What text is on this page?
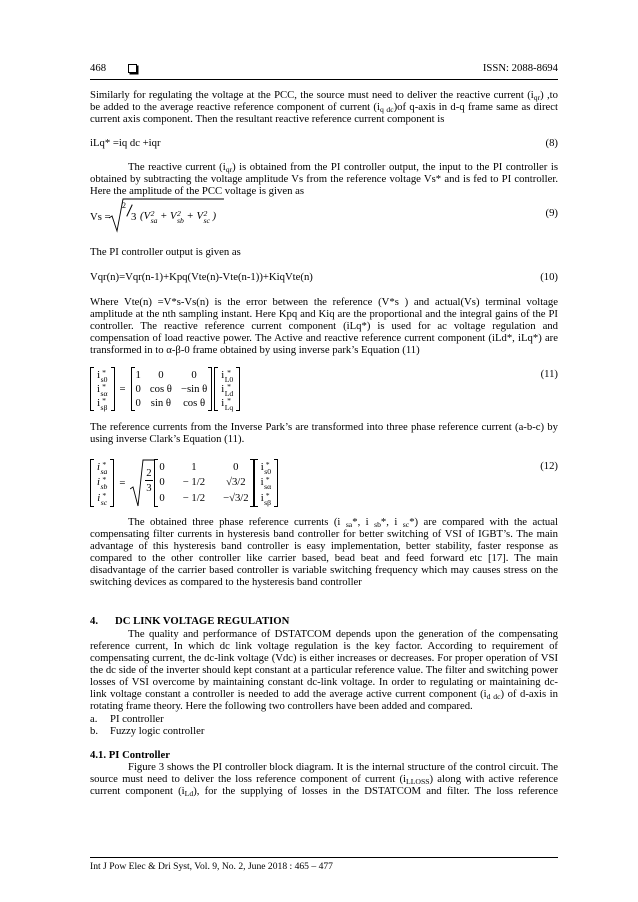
468	ISSN: 2088-8694
Similarly for regulating the voltage at the PCC, the source must need to deliver the reactive current $(i_{qr})$ ,to be added to the average reactive reference component of current $(i_{q dc})of$ q-axis in d-q frame same as direct current axis component. Then the resultant reactive reference current component is
iLq* =iq dc +iqr	(8)
The reactive current $(i_{qr})$ is obtained from the PI controller output, the input to the PI controller is obtained by subtracting the voltage amplitude Vs from the reference voltage Vs* and is fed to PI controller. Here the amplitude of the PCC voltage is given as
Vs =
2
3 (V 2
sa + V 2
sb + V 2
sc )	(9)
The PI controller output is given as
Vqr(n)=Vqr(n-1)+Kpq(Vte(n)-Vte(n-1))+KiqVte(n)	(10)
Where Vte(n) =V*s-Vs(n) is the error between the reference (V*s ) and actual(Vs) terminal voltage amplitude at the nth sampling instant. Here Kpq and Kiq are the proportional and the integral gains of the PI controller. The reactive reference current component (iLq*) is used for ac voltage regulation and compensation of load reactive power. The Active and reactive reference current component (iLd*, iLq*) are transformed in to α-β-0 frame obtained by using inverse park’s Equation (11)
i *
s0
i *
sα
i *
sβ
=
1	0	0
0 cos θ −sin θ
0 sin θ cos θ
i *
L0
i *
Ld
i *
Lq
(11)
The reference currents from the Inverse Park’s are transformed into three phase reference current (a-b-c) by using inverse Clark’s Equation (11).
i *
sa
i *
sb
i *
sc
=
2
3
0	1	0
0 − 1/2 √3/2
0 − 1/2 −√3/2
i *
s0
i *
sα
i *
sβ
(12)
The obtained three phase reference currents (i $_{sa}$*, i $_{sb}$*, i $_{sc}$*) are compared with the actual compensating filter currents in hysteresis band controller for better switching of VSI of IGBT’s. The main advantage of this hysteresis band controller is easy implementation, better stability, faster response as compared to the other controller like carrier based, bead beat and feed forward etc [17]. The main disadvantage of the carrier based controller is variable switching frequency which may causes stress on the switching devices as compared to the hysteresis band controller
4. DC LINK VOLTAGE REGULATION
The quality and performance of DSTATCOM depends upon the generation of the compensating reference current, In which dc link voltage regulation is the key factor. According to requirement of compensating current, the dc-link voltage (Vdc) is either increases or decreases. For proper operation of VSI the dc side of the inverter should kept constant at a particular reference value. The filter and switching power losses of VSI overcome by maintaining constant dc-link voltage. In order to regulating or maintaining dc-link voltage constant a controller is needed to add the average active current component $(i_{d dc})$ of d-axis in rotating frame theory. Here the following two controllers have been added and compared.
a. PI controller
b. Fuzzy logic controller
4.1. PI Controller
Figure 3 shows the PI controller block diagram. It is the internal structure of the control circuit. The source must need to deliver the loss reference component of current $(i_{LLOSS})$ along with active reference current component $(i_{Ld})$, for the supplying of losses in the DSTATCOM and filter. The loss reference
Int J Pow Elec & Dri Syst, Vol. 9, No. 2, June 2018 : 465 – 477
